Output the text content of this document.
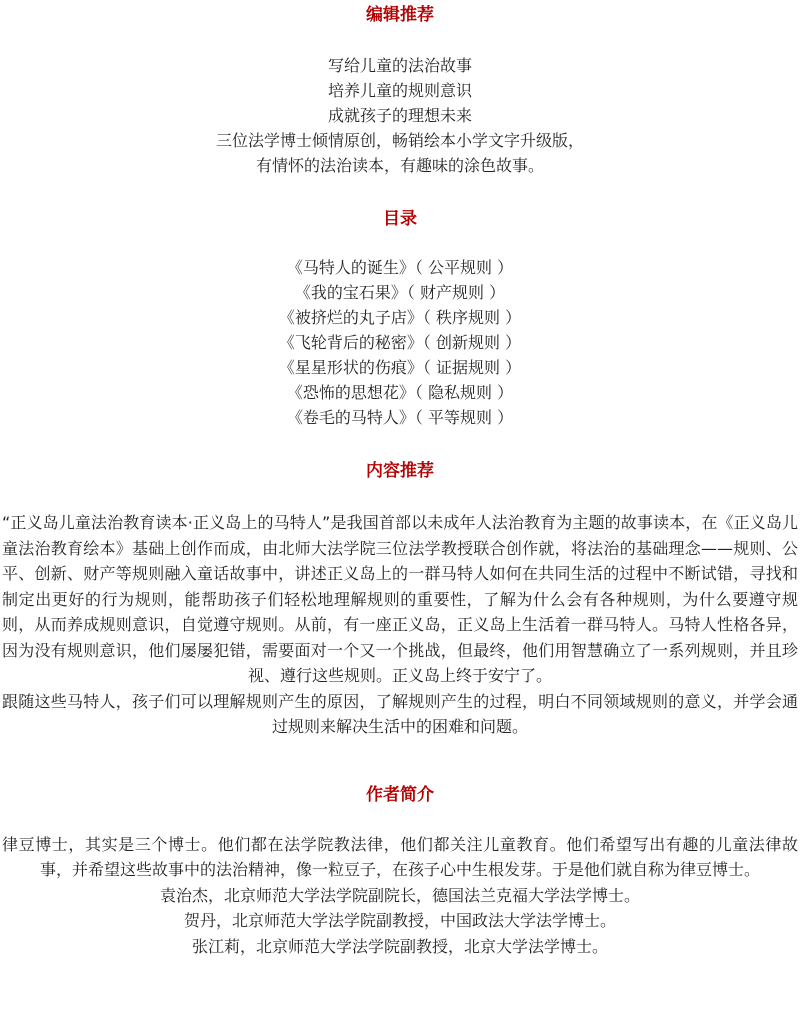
编辑推荐
写给儿童的法治故事
培养儿童的规则意识
成就孩子的理想未来
三位法学博士倾情原创，畅销绘本小学文字升级版，
有情怀的法治读本，有趣味的涂色故事。
目录
《马特人的诞生》（ 公平规则 ）
《我的宝石果》（ 财产规则 ）
《被挤烂的丸子店》（ 秩序规则 ）
《飞轮背后的秘密》（ 创新规则 ）
《星星形状的伤痕》（ 证据规则 ）
《恐怖的思想花》（ 隐私规则 ）
《卷毛的马特人》（ 平等规则 ）
内容推荐

“正义岛儿童法治教育读本·正义岛上的马特人”是我国首部以未成年人法治教育为主题的故事读本，在《正义岛儿童法治教育绘本》基础上创作而成，由北师大法学院三位法学教授联合创作就，将法治的基础理念——规则、公平、创新、财产等规则融入童话故事中，讲述正义岛上的一群马特人如何在共同生活的过程中不断试错，寻找和制定出更好的行为规则，能帮助孩子们轻松地理解规则的重要性，了解为什么会有各种规则，为什么要遵守规则，从而养成规则意识，自觉遵守规则。从前，有一座正义岛，正义岛上生活着一群马特人。马特人性格各异，因为没有规则意识，他们屡屡犯错，需要面对一个又一个挑战，但最终，他们用智慧确立了一系列规则，并且珍视、遵行这些规则。正义岛上终于安宁了。

跟随这些马特人，孩子们可以理解规则产生的原因，了解规则产生的过程，明白不同领域规则的意义，并学会通过规则来解决生活中的困难和问题。

作者简介

律豆博士，其实是三个博士。他们都在法学院教法律，他们都关注儿童教育。他们希望写出有趣的儿童法律故事，并希望这些故事中的法治精神，像一粒豆子，在孩子心中生根发芽。于是他们就自称为律豆博士。

袁治杰，北京师范大学法学院副院长，德国法兰克福大学法学博士。

贺丹，北京师范大学法学院副教授，中国政法大学法学博士。

张江莉，北京师范大学法学院副教授，北京大学法学博士。
